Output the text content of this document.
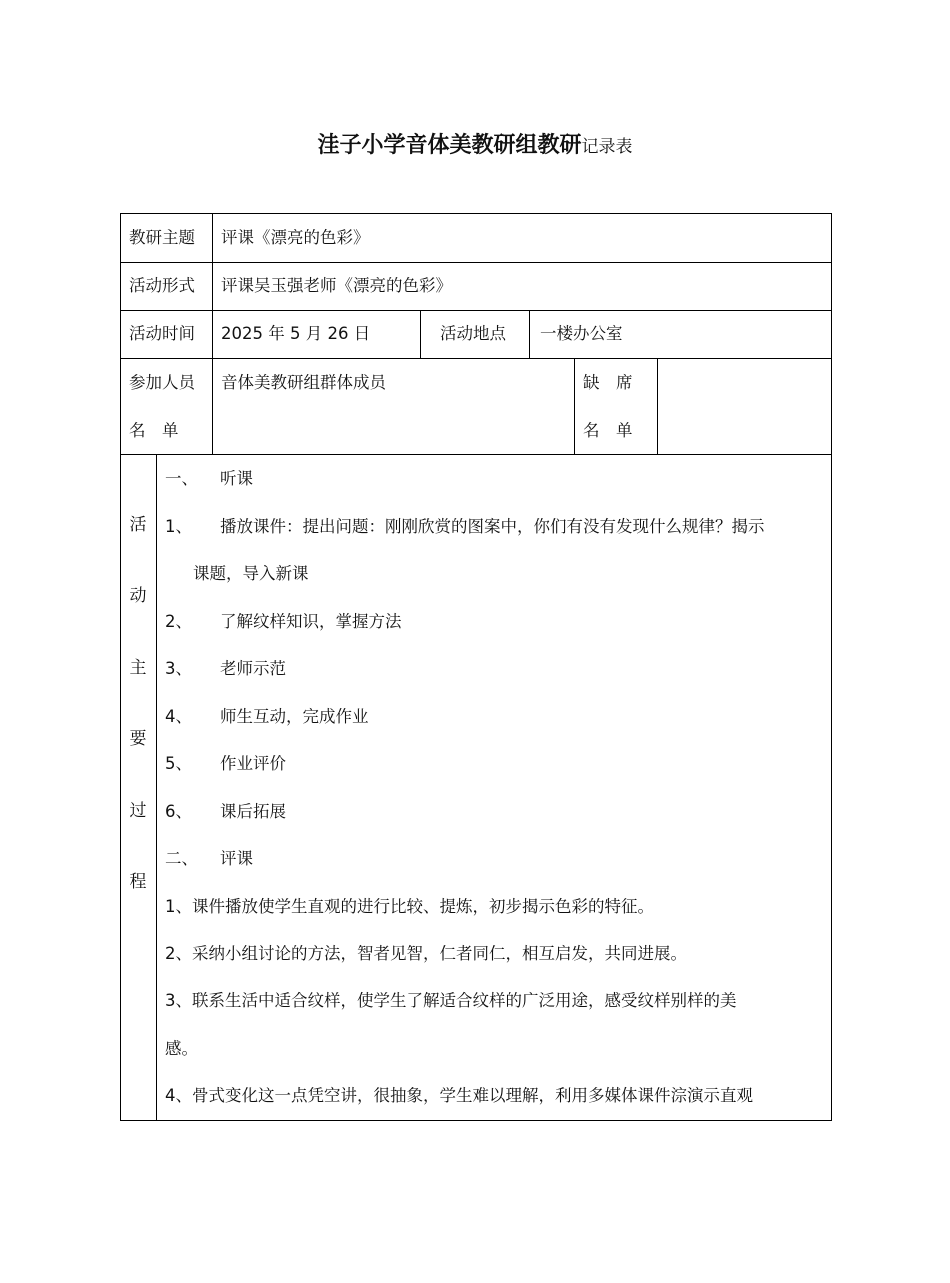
洼子小学音体美教研组教研记录表
教研主题 评课《漂亮的色彩》
活动形式 评课吴玉强老师《漂亮的色彩》
活动时间 2025 年 5 月 26 日	活动地点 一楼办公室
参加人员
名　单
音体美教研组群体成员	缺　席
名　单
活
动
主
要
过
程
一、 听课
1、 播放课件：提出问题：刚刚欣赏的图案中，你们有没有发现什么规律？揭示
课题，导入新课
2、 了解纹样知识，掌握方法
3、 老师示范
4、 师生互动，完成作业
5、 作业评价
6、 课后拓展
二、 评课
1、课件播放使学生直观的进行比较、提炼，初步揭示色彩的特征。
2、采纳小组讨论的方法，智者见智，仁者同仁，相互启发，共同进展。
3、联系生活中适合纹样，使学生了解适合纹样的广泛用途，感受纹样别样的美
感。
4、骨式变化这一点凭空讲，很抽象，学生难以理解，利用多媒体课件淙演示直观
